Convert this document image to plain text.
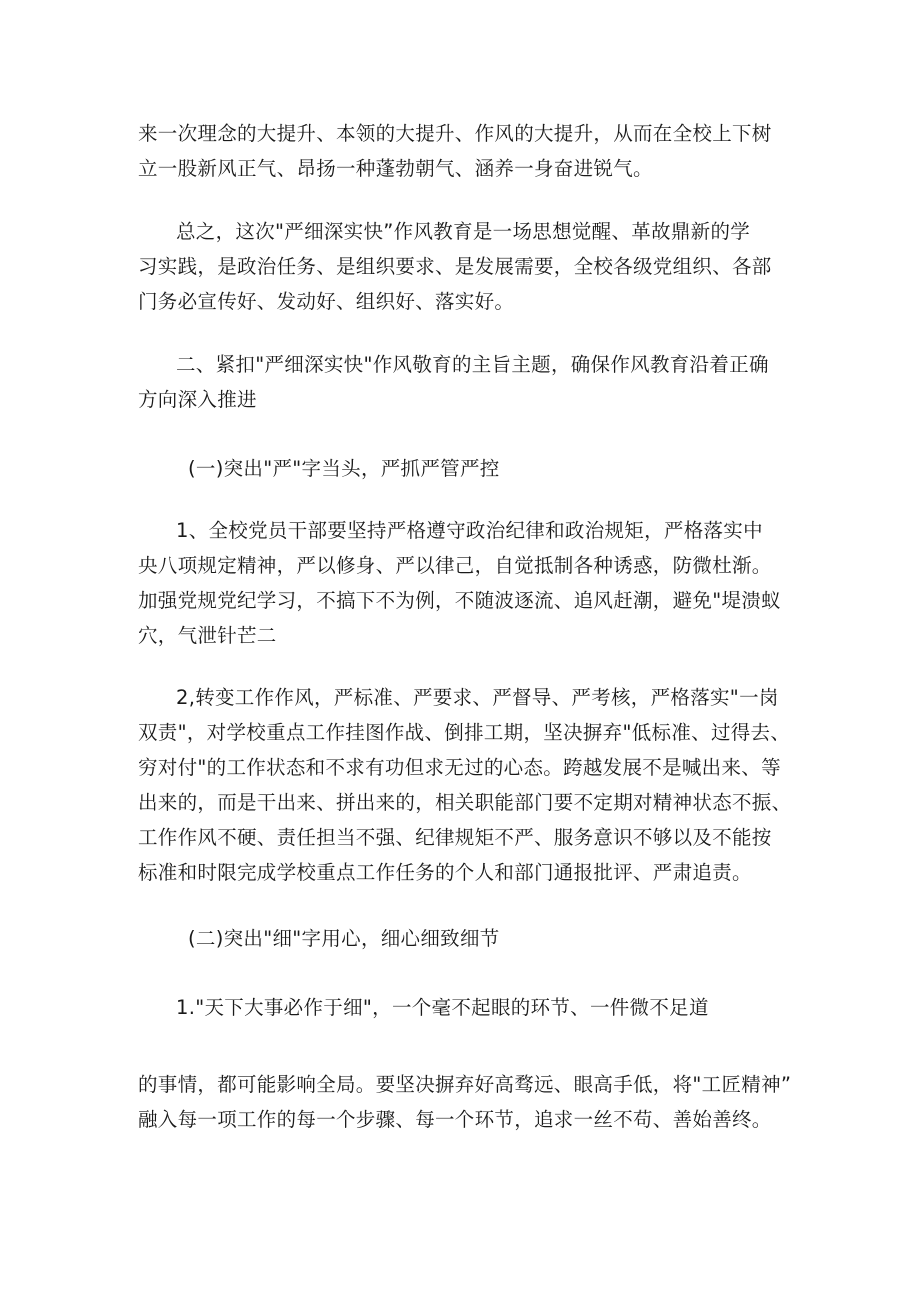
来一次理念的大提升、本领的大提升、作风的大提升，从而在全校上下树
立一股新风正气、昂扬一种蓬勃朝气、涵养一身奋进锐气。

总之，这次"严细深实快”作风教育是一场思想觉醒、革故鼎新的学
习实践，是政治任务、是组织要求、是发展需要，全校各级党组织、各部
门务必宣传好、发动好、组织好、落实好。

二、紧扣"严细深实快"作风敬育的主旨主题，确保作风教育沿着正确
方向深入推进

(一)突出"严"字当头，严抓严管严控

1、全校党员干部要坚持严格遵守政治纪律和政治规矩，严格落实中
央八项规定精神，严以修身、严以律己，自觉抵制各种诱惑，防微杜渐。
加强党规党纪学习，不搞下不为例，不随波逐流、追风赶潮，避免"堤溃蚁
穴，气泄针芒二

2,转变工作作风，严标准、严要求、严督导、严考核，严格落实"一岗
双责"，对学校重点工作挂图作战、倒排工期，坚决摒弃"低标准、过得去、
穷对付"的工作状态和不求有功但求无过的心态。跨越发展不是喊出来、等
出来的，而是干出来、拼出来的，相关职能部门要不定期对精神状态不振、
工作作风不硬、责任担当不强、纪律规矩不严、服务意识不够以及不能按
标准和时限完成学校重点工作任务的个人和部门通报批评、严肃追责。

(二)突出"细"字用心，细心细致细节

1."天下大事必作于细"，一个毫不起眼的环节、一件微不足道

的事情，都可能影响全局。要坚决摒弃好高骛远、眼高手低，将"工匠精神”
融入每一项工作的每一个步骤、每一个环节，追求一丝不苟、善始善终。
